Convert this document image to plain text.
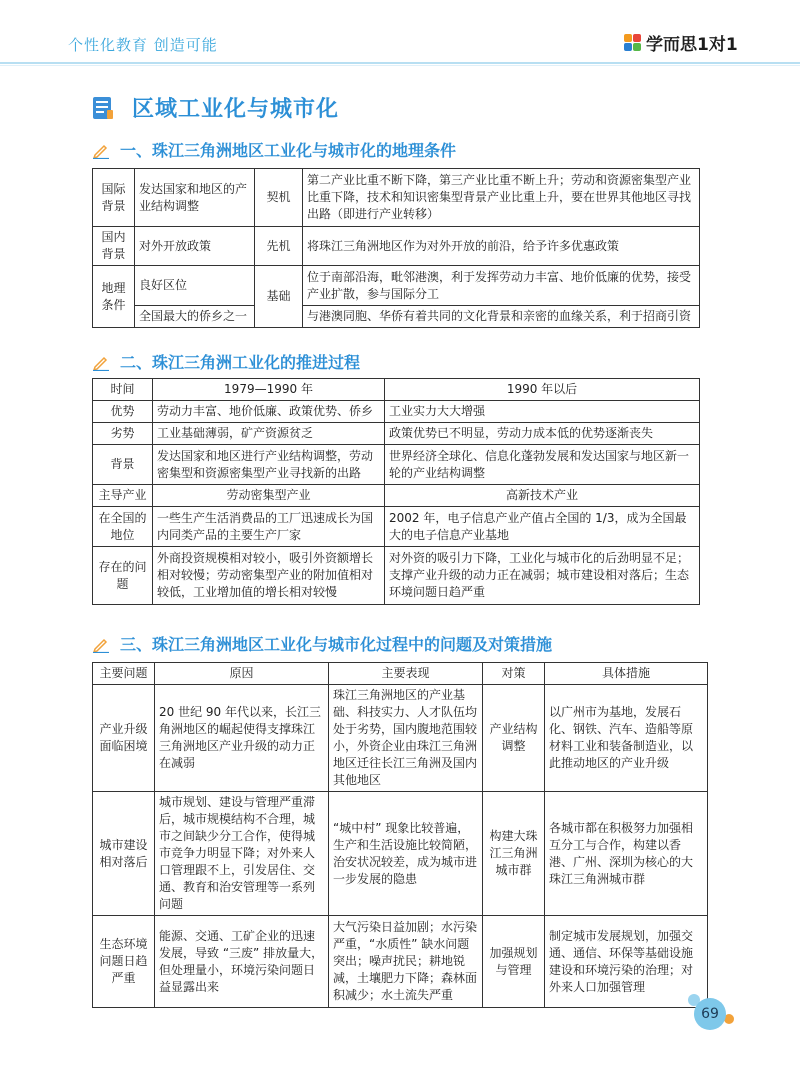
个性化教育 创造可能	学而思1对1
区域工业化与城市化
一、珠江三角洲地区工业化与城市化的地理条件
国际背景	发达国家和地区的产业结构调整	契机	第二产业比重不断下降，第三产业比重不断上升；劳动和资源密集型产业比重下降，技术和知识密集型背景产业比重上升，要在世界其他地区寻找出路（即进行产业转移）
国内背景	对外开放政策	先机	将珠江三角洲地区作为对外开放的前沿，给予许多优惠政策
地理条件	良好区位	基础	位于南部沿海，毗邻港澳，利于发挥劳动力丰富、地价低廉的优势，接受产业扩散，参与国际分工
	全国最大的侨乡之一		与港澳同胞、华侨有着共同的文化背景和亲密的血缘关系，利于招商引资
二、珠江三角洲工业化的推进过程
时间	1979—1990 年	1990 年以后
优势	劳动力丰富、地价低廉、政策优势、侨乡	工业实力大大增强
劣势	工业基础薄弱，矿产资源贫乏	政策优势已不明显，劳动力成本低的优势逐渐丧失
背景	发达国家和地区进行产业结构调整，劳动密集型和资源密集型产业寻找新的出路	世界经济全球化、信息化蓬勃发展和发达国家与地区新一轮的产业结构调整
主导产业	劳动密集型产业	高新技术产业
在全国的地位	一些生产生活消费品的工厂迅速成长为国内同类产品的主要生产厂家	2002 年，电子信息产业产值占全国的 1/3，成为全国最大的电子信息产业基地
存在的问题	外商投资规模相对较小，吸引外资额增长相对较慢；劳动密集型产业的附加值相对较低，工业增加值的增长相对较慢	对外资的吸引力下降，工业化与城市化的后劲明显不足；支撑产业升级的动力正在减弱；城市建设相对落后；生态环境问题日趋严重
三、珠江三角洲地区工业化与城市化过程中的问题及对策措施
主要问题	原因	主要表现	对策	具体措施
产业升级面临困境	20 世纪 90 年代以来，长江三角洲地区的崛起使得支撑珠江三角洲地区产业升级的动力正在减弱	珠江三角洲地区的产业基础、科技实力、人才队伍均处于劣势，国内腹地范围较小，外资企业由珠江三角洲地区迁往长江三角洲及国内其他地区	产业结构调整	以广州市为基地，发展石化、钢铁、汽车、造船等原材料工业和装备制造业，以此推动地区的产业升级
城市建设相对落后	城市规划、建设与管理严重滞后，城市规模结构不合理，城市之间缺少分工合作，使得城市竞争力明显下降；对外来人口管理跟不上，引发居住、交通、教育和治安管理等一系列问题	“城中村” 现象比较普遍，生产和生活设施比较简陋，治安状况较差，成为城市进一步发展的隐患	构建大珠江三角洲城市群	各城市都在积极努力加强相互分工与合作，构建以香港、广州、深圳为核心的大珠江三角洲城市群
生态环境问题日趋严重	能源、交通、工矿企业的迅速发展，导致 “三废” 排放量大，但处理量小，环境污染问题日益显露出来	大气污染日益加剧；水污染严重，“水质性” 缺水问题突出；噪声扰民；耕地锐减，土壤肥力下降；森林面积减少；水土流失严重	加强规划与管理	制定城市发展规划，加强交通、通信、环保等基础设施建设和环境污染的治理；对外来人口加强管理
69
